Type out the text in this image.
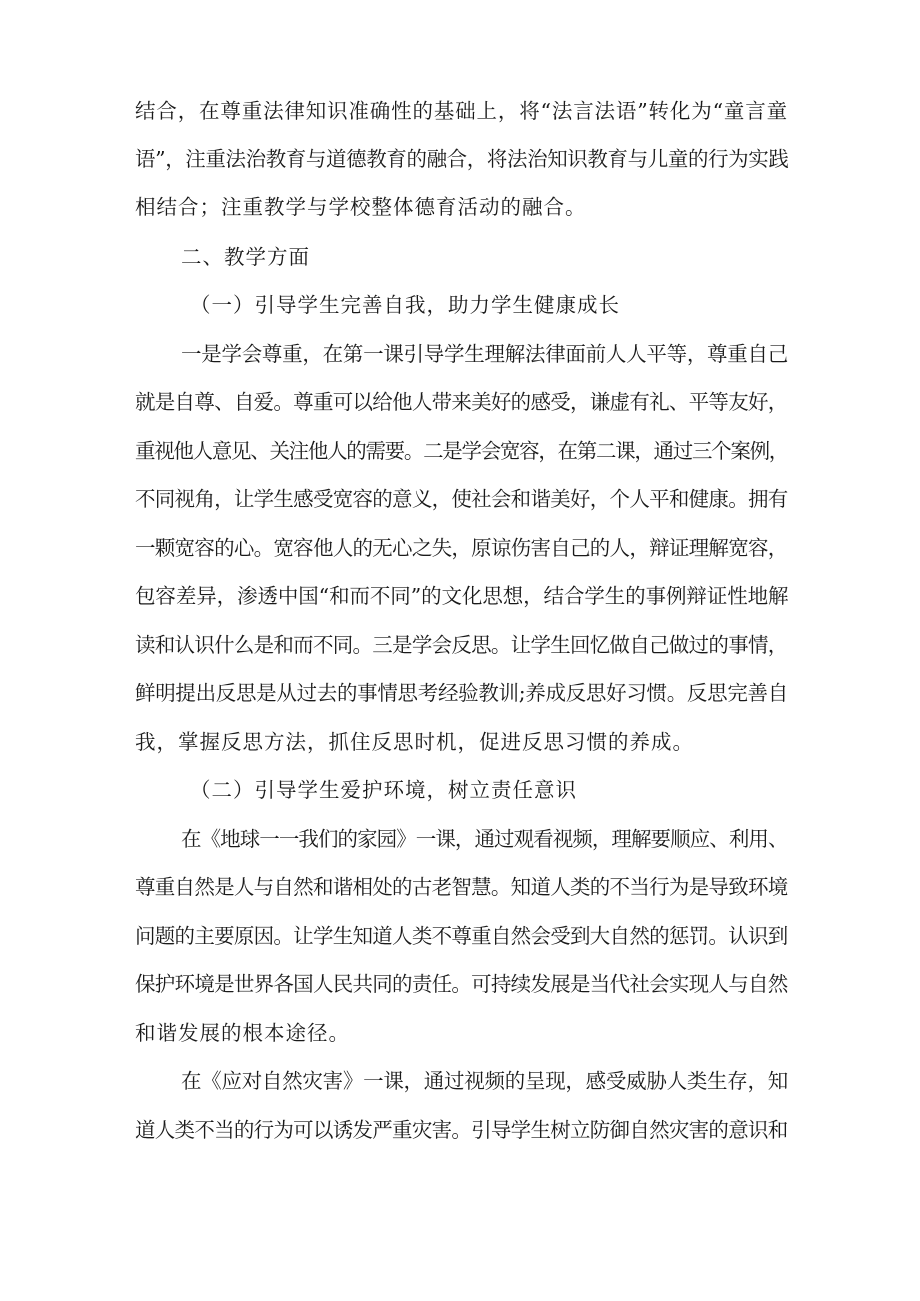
结合，在尊重法律知识准确性的基础上，将“法言法语”转化为“童言童
语”，注重法治教育与道德教育的融合，将法治知识教育与儿童的行为实践
相结合；注重教学与学校整体德育活动的融合。
二、教学方面
（一）引导学生完善自我，助力学生健康成长
一是学会尊重，在第一课引导学生理解法律面前人人平等，尊重自己
就是自尊、自爱。尊重可以给他人带来美好的感受，谦虚有礼、平等友好，
重视他人意见、关注他人的需要。二是学会宽容，在第二课，通过三个案例，
不同视角，让学生感受宽容的意义，使社会和谐美好，个人平和健康。拥有
一颗宽容的心。宽容他人的无心之失，原谅伤害自己的人，辩证理解宽容，
包容差异，渗透中国“和而不同”的文化思想，结合学生的事例辩证性地解
读和认识什么是和而不同。三是学会反思。让学生回忆做自己做过的事情，
鲜明提出反思是从过去的事情思考经验教训;养成反思好习惯。反思完善自
我，掌握反思方法，抓住反思时机，促进反思习惯的养成。
（二）引导学生爱护环境，树立责任意识
在《地球一一我们的家园》一课，通过观看视频，理解要顺应、利用、
尊重自然是人与自然和谐相处的古老智慧。知道人类的不当行为是导致环境
问题的主要原因。让学生知道人类不尊重自然会受到大自然的惩罚。认识到
保护环境是世界各国人民共同的责任。可持续发展是当代社会实现人与自然
和谐发展的根本途径。
在《应对自然灾害》一课，通过视频的呈现，感受威胁人类生存，知
道人类不当的行为可以诱发严重灾害。引导学生树立防御自然灾害的意识和
